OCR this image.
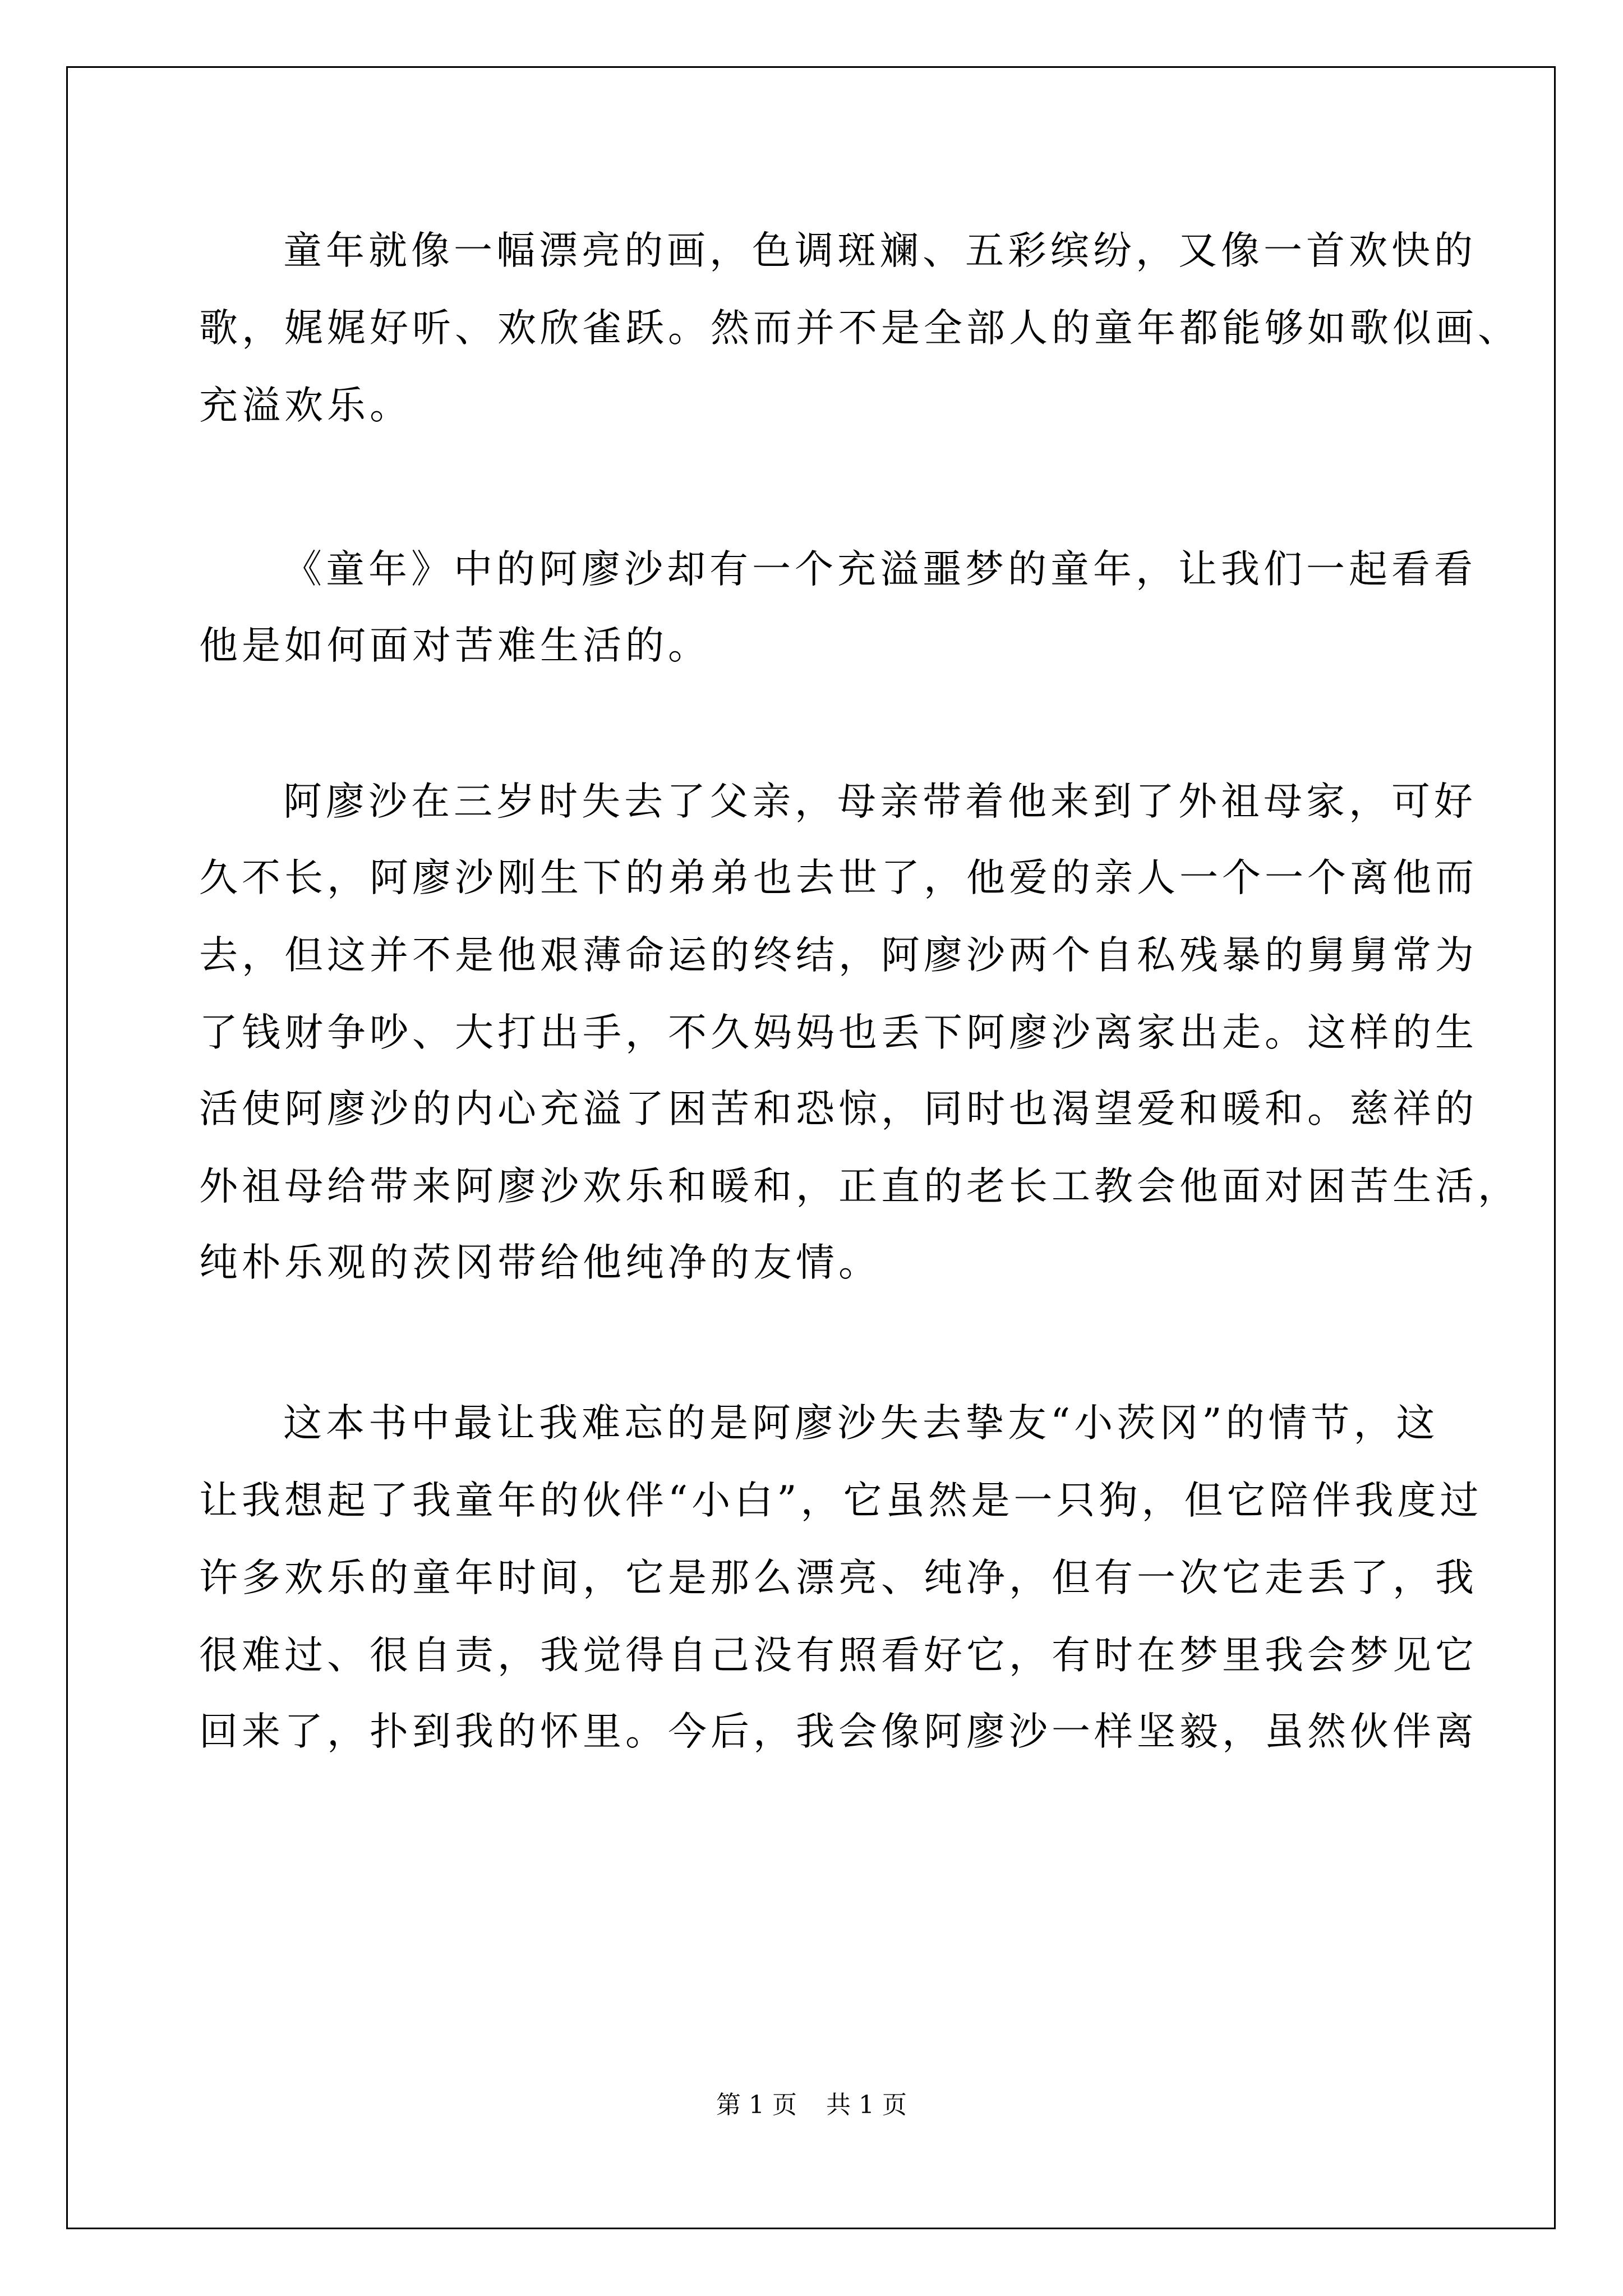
童年就像一幅漂亮的画，色调斑斓、五彩缤纷，又像一首欢快的
歌，娓娓好听、欢欣雀跃。然而并不是全部人的童年都能够如歌似画、
充溢欢乐。
《童年》中的阿廖沙却有一个充溢噩梦的童年，让我们一起看看
他是如何面对苦难生活的。
阿廖沙在三岁时失去了父亲，母亲带着他来到了外祖母家，可好
久不长，阿廖沙刚生下的弟弟也去世了，他爱的亲人一个一个离他而
去，但这并不是他艰薄命运的终结，阿廖沙两个自私残暴的舅舅常为
了钱财争吵、大打出手，不久妈妈也丢下阿廖沙离家出走。这样的生
活使阿廖沙的内心充溢了困苦和恐惊，同时也渴望爱和暖和。慈祥的
外祖母给带来阿廖沙欢乐和暖和，正直的老长工教会他面对困苦生活，
纯朴乐观的茨冈带给他纯净的友情。
这本书中最让我难忘的是阿廖沙失去挚友“小茨冈”的情节，这
让我想起了我童年的伙伴“小白”，它虽然是一只狗，但它陪伴我度过
许多欢乐的童年时间，它是那么漂亮、纯净，但有一次它走丢了，我
很难过、很自责，我觉得自己没有照看好它，有时在梦里我会梦见它
回来了，扑到我的怀里。今后，我会像阿廖沙一样坚毅，虽然伙伴离
第 1 页 共 1 页
